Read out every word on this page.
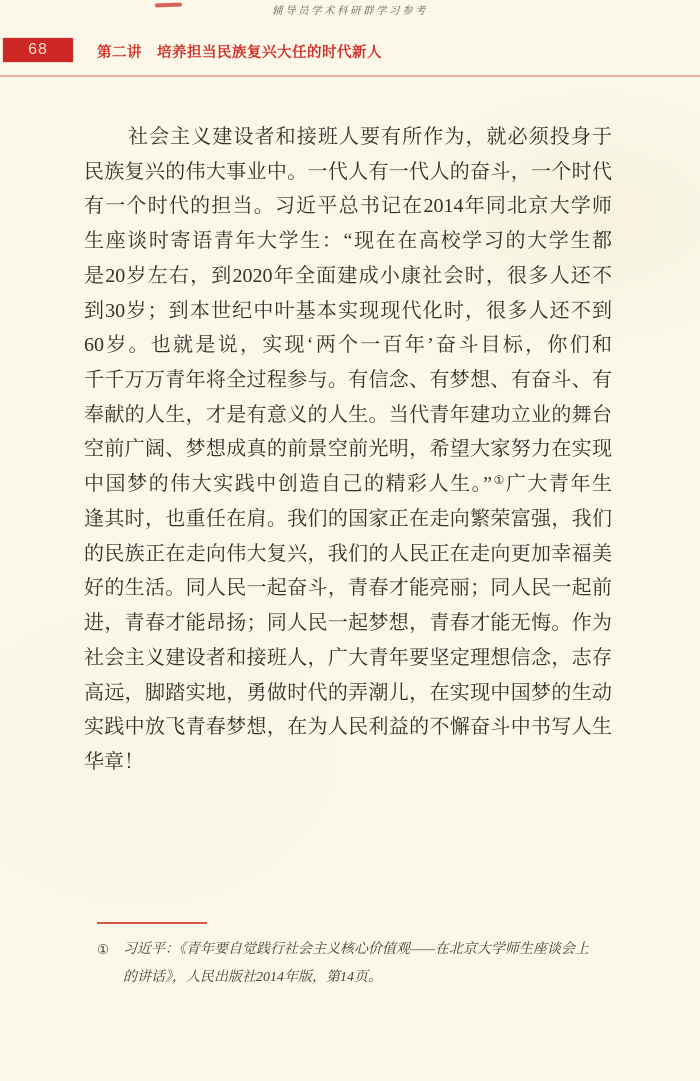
辅导员学术科研群学习参考
68	第二讲　培养担当民族复兴大任的时代新人
社会主义建设者和接班人要有所作为，就必须投身于
民族复兴的伟大事业中。一代人有一代人的奋斗，一个时代
有一个时代的担当。习近平总书记在2014年同北京大学师
生座谈时寄语青年大学生：“现在在高校学习的大学生都
是20岁左右，到2020年全面建成小康社会时，很多人还不
到30岁；到本世纪中叶基本实现现代化时，很多人还不到
60岁。也就是说，实现‘两个一百年’奋斗目标，你们和
千千万万青年将全过程参与。有信念、有梦想、有奋斗、有
奉献的人生，才是有意义的人生。当代青年建功立业的舞台
空前广阔、梦想成真的前景空前光明，希望大家努力在实现
中国梦的伟大实践中创造自己的精彩人生。”①广大青年生
逢其时，也重任在肩。我们的国家正在走向繁荣富强，我们
的民族正在走向伟大复兴，我们的人民正在走向更加幸福美
好的生活。同人民一起奋斗，青春才能亮丽；同人民一起前
进，青春才能昂扬；同人民一起梦想，青春才能无悔。作为
社会主义建设者和接班人，广大青年要坚定理想信念，志存
高远，脚踏实地，勇做时代的弄潮儿，在实现中国梦的生动
实践中放飞青春梦想，在为人民利益的不懈奋斗中书写人生
华章！
① 习近平：《青年要自觉践行社会主义核心价值观——在北京大学师生座谈会上
的讲话》，人民出版社2014年版，第14页。
